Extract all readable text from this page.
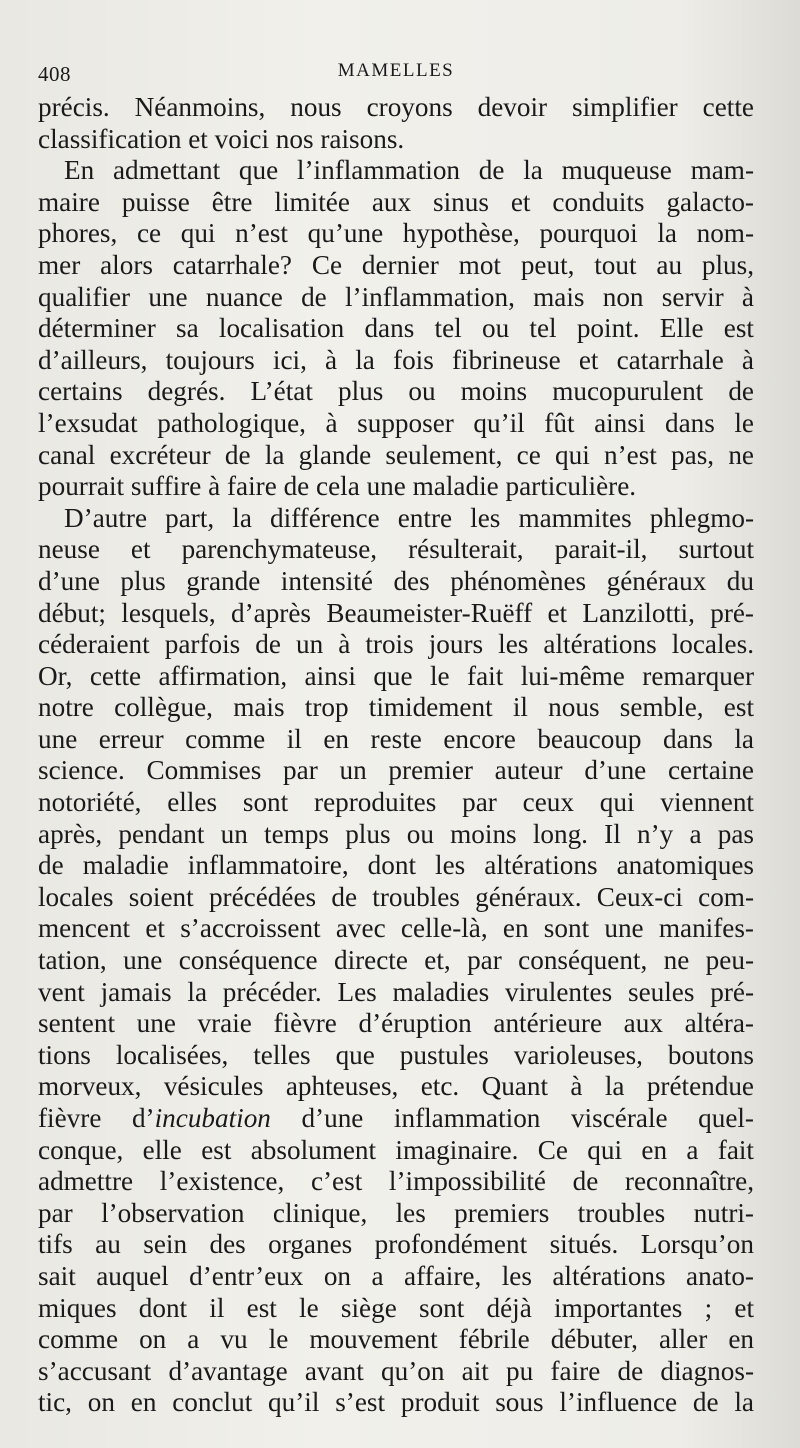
408	MAMELLES
précis. Néanmoins, nous croyons devoir simplifier cette
classification et voici nos raisons.
En admettant que l’inflammation de la muqueuse mam-
maire puisse être limitée aux sinus et conduits galacto-
phores, ce qui n’est qu’une hypothèse, pourquoi la nom-
mer alors catarrhale? Ce dernier mot peut, tout au plus,
qualifier une nuance de l’inflammation, mais non servir à
déterminer sa localisation dans tel ou tel point. Elle est
d’ailleurs, toujours ici, à la fois fibrineuse et catarrhale à
certains degrés. L’état plus ou moins mucopurulent de
l’exsudat pathologique, à supposer qu’il fût ainsi dans le
canal excréteur de la glande seulement, ce qui n’est pas, ne
pourrait suffire à faire de cela une maladie particulière.
D’autre part, la différence entre les mammites phlegmo-
neuse et parenchymateuse, résulterait, parait-il, surtout
d’une plus grande intensité des phénomènes généraux du
début; lesquels, d’après Beaumeister-Ruëff et Lanzilotti, pré-
céderaient parfois de un à trois jours les altérations locales.
Or, cette affirmation, ainsi que le fait lui-même remarquer
notre collègue, mais trop timidement il nous semble, est
une erreur comme il en reste encore beaucoup dans la
science. Commises par un premier auteur d’une certaine
notoriété, elles sont reproduites par ceux qui viennent
après, pendant un temps plus ou moins long. Il n’y a pas
de maladie inflammatoire, dont les altérations anatomiques
locales soient précédées de troubles généraux. Ceux-ci com-
mencent et s’accroissent avec celle-là, en sont une manifes-
tation, une conséquence directe et, par conséquent, ne peu-
vent jamais la précéder. Les maladies virulentes seules pré-
sentent une vraie fièvre d’éruption antérieure aux altéra-
tions localisées, telles que pustules varioleuses, boutons
morveux, vésicules aphteuses, etc. Quant à la prétendue
fièvre d’incubation d’une inflammation viscérale quel-
conque, elle est absolument imaginaire. Ce qui en a fait
admettre l’existence, c’est l’impossibilité de reconnaître,
par l’observation clinique, les premiers troubles nutri-
tifs au sein des organes profondément situés. Lorsqu’on
sait auquel d’entr’eux on a affaire, les altérations anato-
miques dont il est le siège sont déjà importantes ; et
comme on a vu le mouvement fébrile débuter, aller en
s’accusant d’avantage avant qu’on ait pu faire de diagnos-
tic, on en conclut qu’il s’est produit sous l’influence de la
